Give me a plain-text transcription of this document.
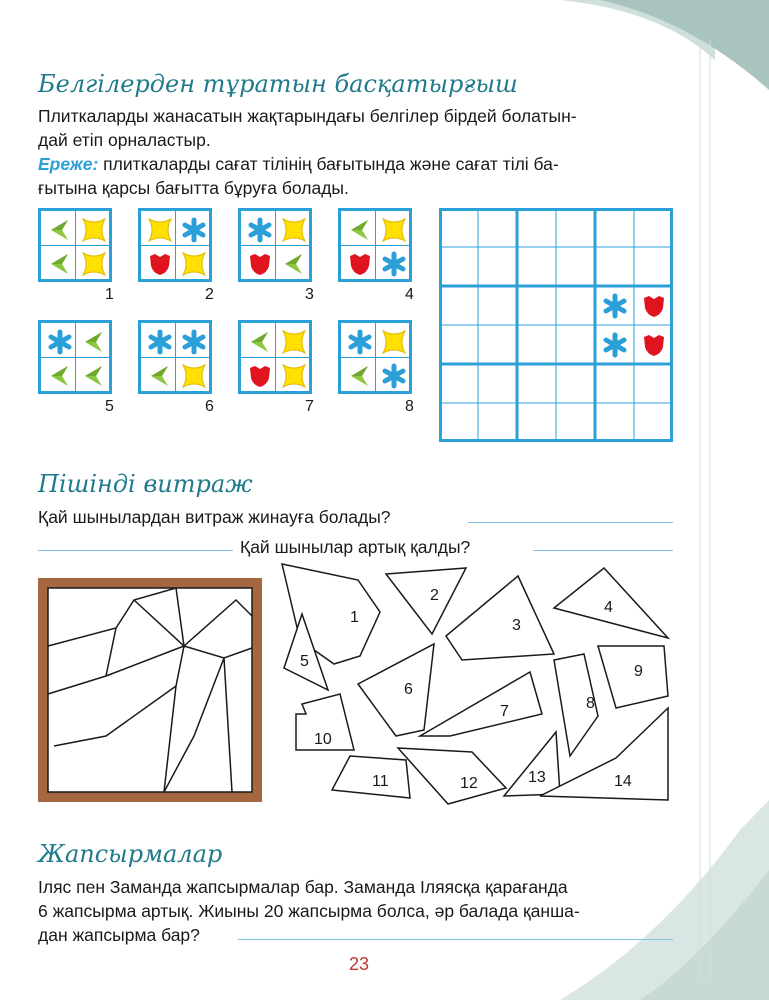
Белгілерден тұратын басқатырғыш
Плиткаларды жанасатын жақтарындағы белгілер бірдей болатын-
дай етіп орналастыр.
Ереже: плиткаларды сағат тілінің бағытында және сағат тілі ба-
ғытына қарсы бағытта бұруға болады.
1	2	3	4
5	6	7	8
Пішінді витраж
Қай шынылардан витраж жинауға болады?
Қай шынылар артық қалды?
1
2
3
4
5
6
7	8
9
10
11	12	13	14
Жапсырмалар
Іляс пен Заманда жапсырмалар бар. Заманда Іляясқа қарағанда
6 жапсырма артық. Жиыны 20 жапсырма болса, әр балада қанша-
дан жапсырма бар?
23
